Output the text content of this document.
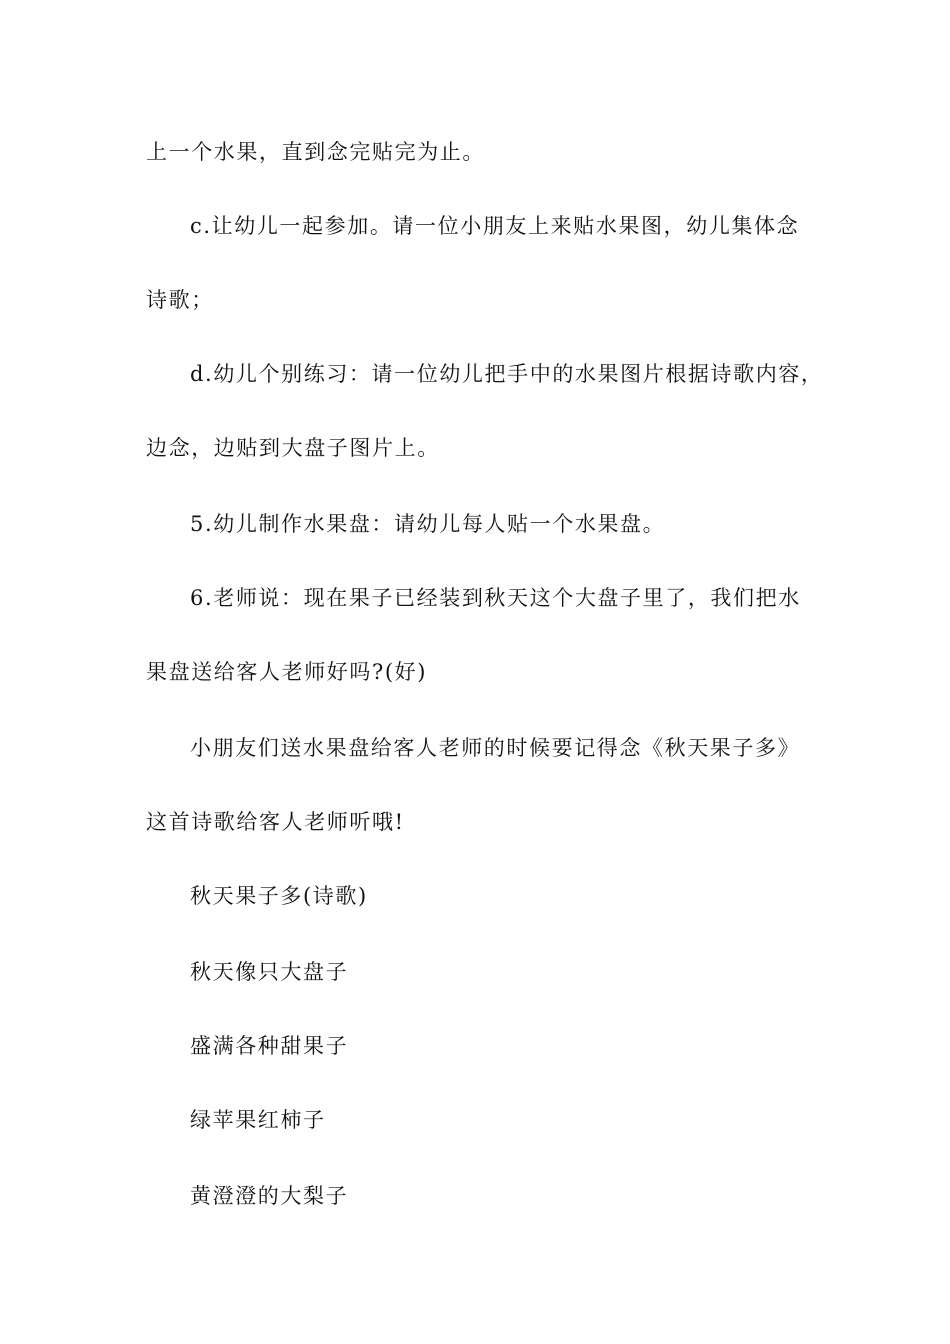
上一个水果，直到念完贴完为止。
c.让幼儿一起参加。请一位小朋友上来贴水果图，幼儿集体念
诗歌；
d.幼儿个别练习：请一位幼儿把手中的水果图片根据诗歌内容，
边念，边贴到大盘子图片上。
5.幼儿制作水果盘：请幼儿每人贴一个水果盘。
6.老师说：现在果子已经装到秋天这个大盘子里了，我们把水
果盘送给客人老师好吗?(好)
小朋友们送水果盘给客人老师的时候要记得念《秋天果子多》
这首诗歌给客人老师听哦!
秋天果子多(诗歌)
秋天像只大盘子
盛满各种甜果子
绿苹果红柿子
黄澄澄的大梨子
